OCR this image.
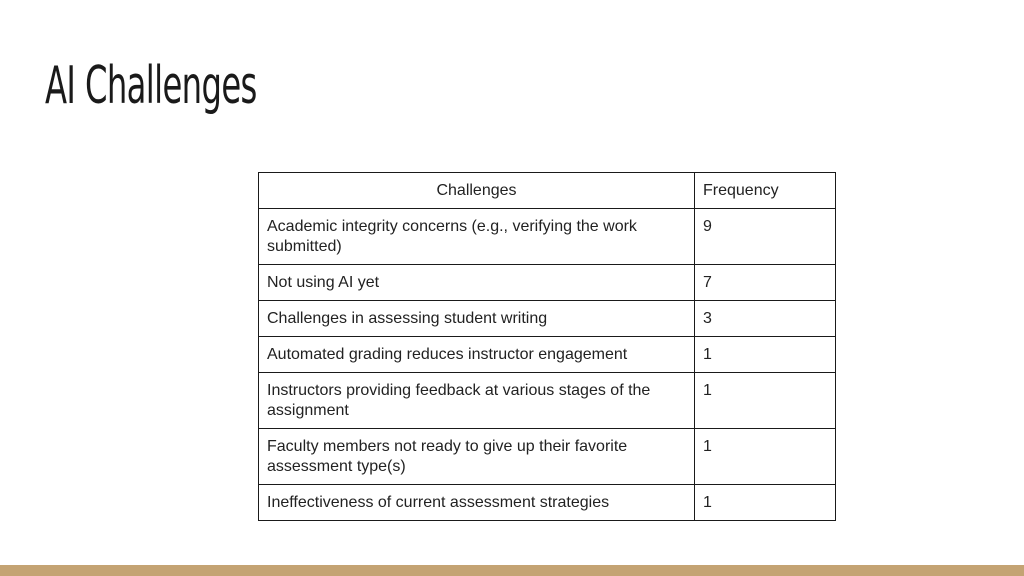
AI Challenges
Challenges	Frequency
Academic integrity concerns (e.g., verifying the work submitted)	9
Not using AI yet	7
Challenges in assessing student writing	3
Automated grading reduces instructor engagement	1
Instructors providing feedback at various stages of the assignment	1
Faculty members not ready to give up their favorite assessment type(s)	1
Ineffectiveness of current assessment strategies	1
